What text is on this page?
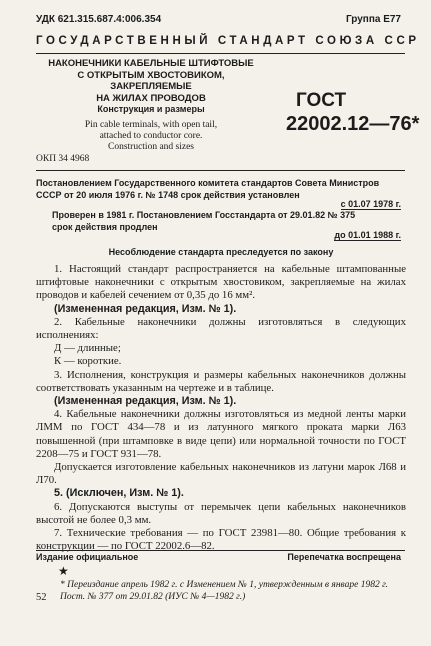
УДК 621.315.687.4:006.354	Группа Е77
ГОСУДАРСТВЕННЫЙ СТАНДАРТ СОЮЗА ССР
НАКОНЕЧНИКИ КАБЕЛЬНЫЕ ШТИФТОВЫЕ
С ОТКРЫТЫМ ХВОСТОВИКОМ, ЗАКРЕПЛЯЕМЫЕ
НА ЖИЛАХ ПРОВОДОВ
Конструкция и размеры
Pin cable terminals, with open tail,
attached to conductor core.
Construction and sizes
ГОСТ
22002.12—76*
ОКП 34 4968
Постановлением Государственного комитета стандартов Совета Министров СССР от 20 июля 1976 г. № 1748 срок действия установлен
с 01.07 1978 г.
Проверен в 1981 г. Постановлением Госстандарта от 29.01.82 № 375 срок действия продлен
до 01.01 1988 г.
Несоблюдение стандарта преследуется по закону

1. Настоящий стандарт распространяется на кабельные штампованные штифтовые наконечники с открытым хвостовиком, закрепляемые на жилах проводов и кабелей сечением от 0,35 до 16 мм².

(Измененная редакция, Изм. № 1).

2. Кабельные наконечники должны изготовляться в следующих исполнениях:

Д — длинные;

К — короткие.

3. Исполнения, конструкция и размеры кабельных наконечников должны соответствовать указанным на чертеже и в таблице.

(Измененная редакция, Изм. № 1).

4. Кабельные наконечники должны изготовляться из медной ленты марки ЛММ по ГОСТ 434—78 и из латунного мягкого проката марки Л63 повышенной (при штамповке в виде цепи) или нормальной точности по ГОСТ 2208—75 и ГОСТ 931—78.

Допускается изготовление кабельных наконечников из латуни марок Л68 и Л70.

5. (Исключен, Изм. № 1).

6. Допускаются выступы от перемычек цепи кабельных наконечников высотой не более 0,3 мм.

7. Технические требования — по ГОСТ 23981—80. Общие требования к конструкции — по ГОСТ 22002.6—82.

Издание официальное	Перепечатка воспрещена
★
* Переиздание апрель 1982 г. с Изменением № 1, утвержденным в январе 1982 г. Пост. № 377 от 29.01.82 (ИУС № 4—1982 г.)
52
